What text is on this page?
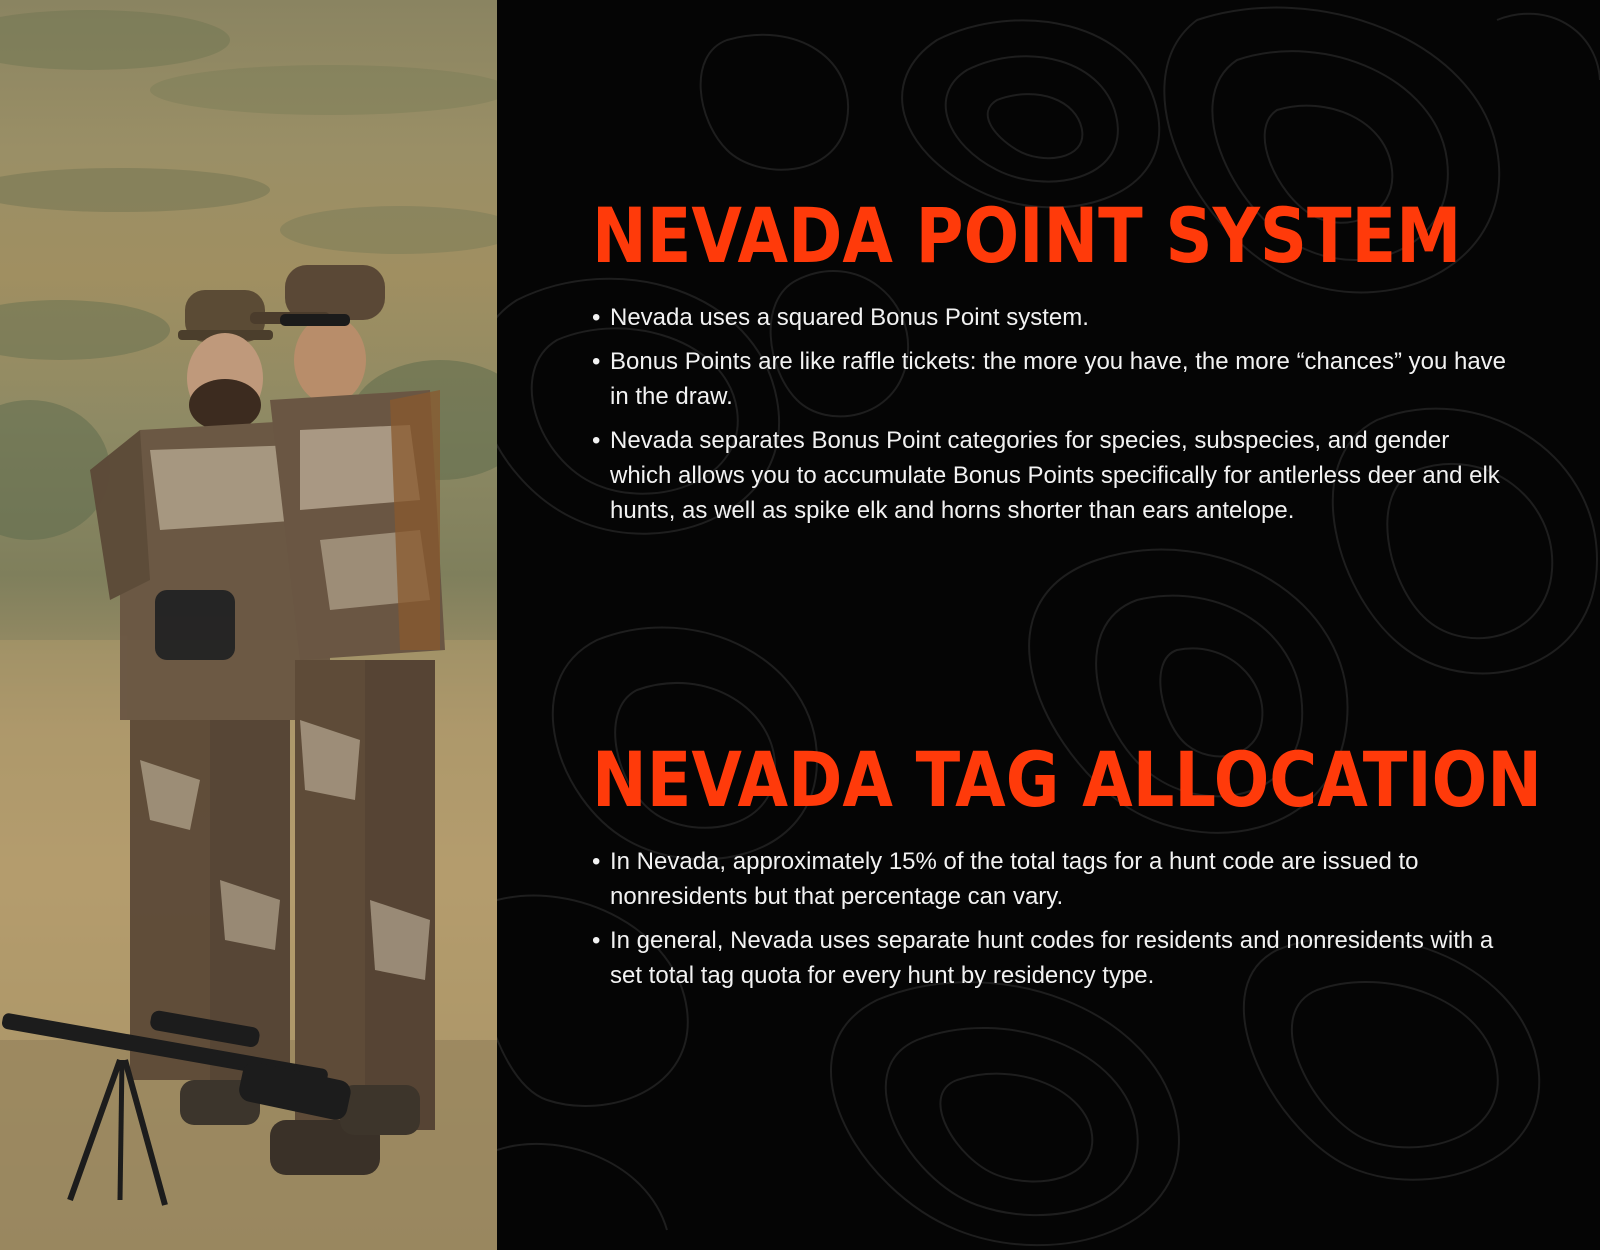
NEVADA POINT SYSTEM
• Nevada uses a squared Bonus Point system.
• Bonus Points are like raffle tickets: the more you have, the more “chances” you have in the draw.
• Nevada separates Bonus Point categories for species, subspecies, and gender which allows you to accumulate Bonus Points specifically for antlerless deer and elk hunts, as well as spike elk and horns shorter than ears antelope.
NEVADA TAG ALLOCATION
• In Nevada, approximately 15% of the total tags for a hunt code are issued to nonresidents but that percentage can vary.
• In general, Nevada uses separate hunt codes for residents and nonresidents with a set total tag quota for every hunt by residency type.
